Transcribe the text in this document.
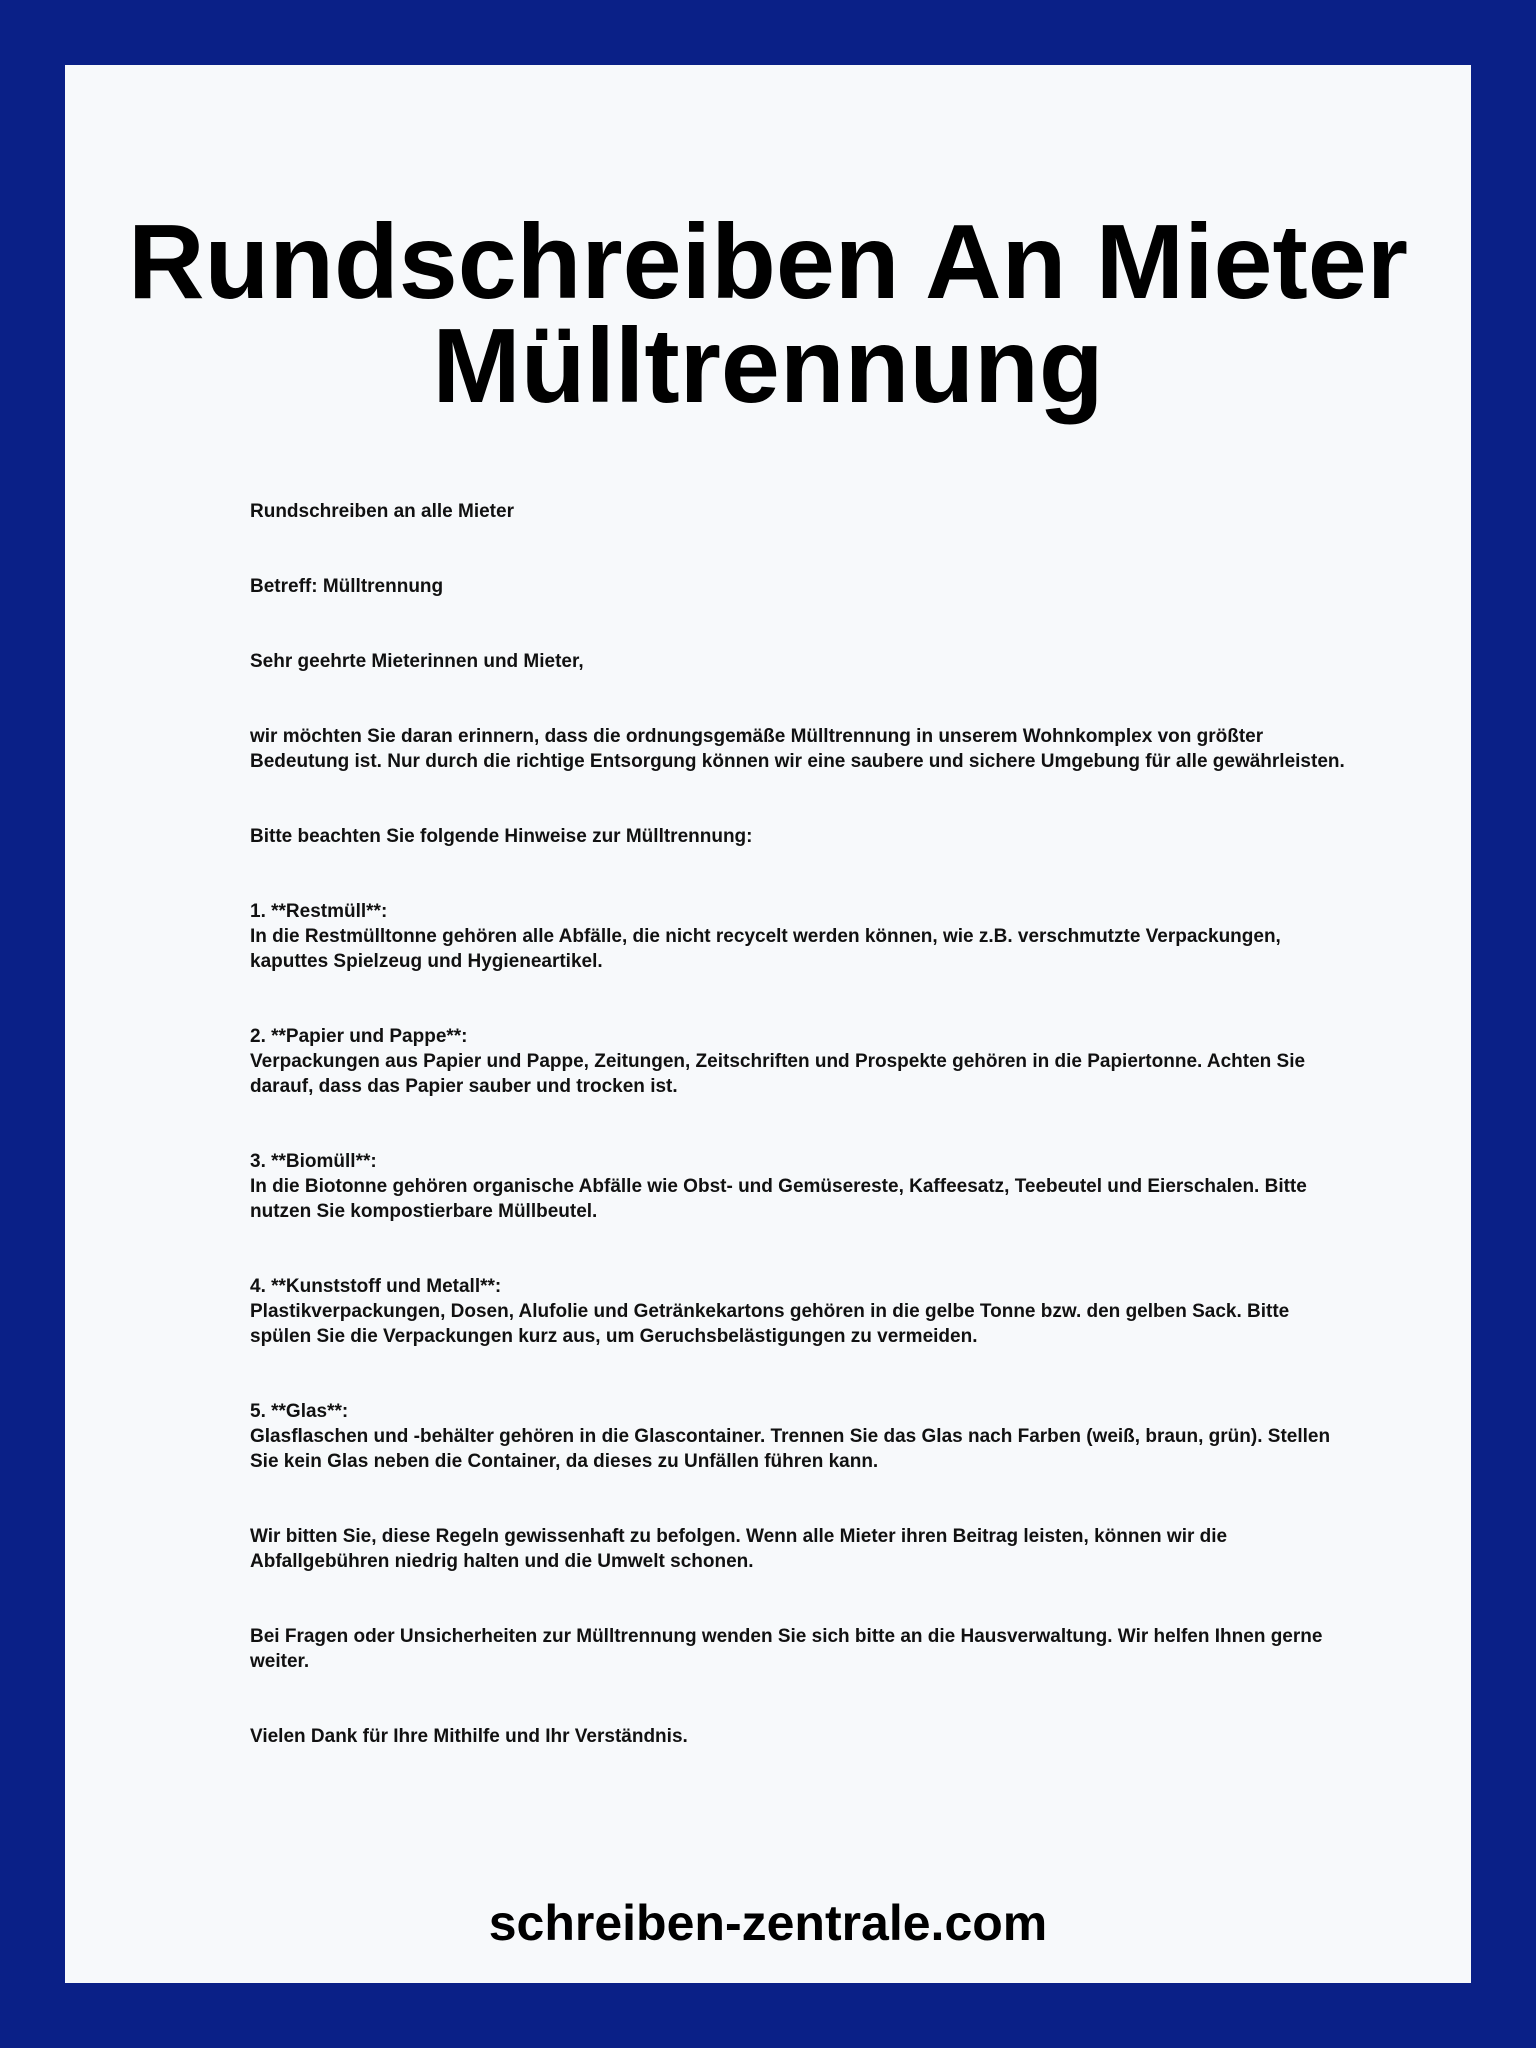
Rundschreiben An Mieter
Mülltrennung

Rundschreiben an alle Mieter

Betreff: Mülltrennung

Sehr geehrte Mieterinnen und Mieter,

wir möchten Sie daran erinnern, dass die ordnungsgemäße Mülltrennung in unserem Wohnkomplex von größter Bedeutung ist. Nur durch die richtige Entsorgung können wir eine saubere und sichere Umgebung für alle gewährleisten.

Bitte beachten Sie folgende Hinweise zur Mülltrennung:

1. **Restmüll**:
In die Restmülltonne gehören alle Abfälle, die nicht recycelt werden können, wie z.B. verschmutzte Verpackungen, kaputtes Spielzeug und Hygieneartikel.

2. **Papier und Pappe**:
Verpackungen aus Papier und Pappe, Zeitungen, Zeitschriften und Prospekte gehören in die Papiertonne. Achten Sie darauf, dass das Papier sauber und trocken ist.

3. **Biomüll**:
In die Biotonne gehören organische Abfälle wie Obst- und Gemüsereste, Kaffeesatz, Teebeutel und Eierschalen. Bitte nutzen Sie kompostierbare Müllbeutel.

4. **Kunststoff und Metall**:
Plastikverpackungen, Dosen, Alufolie und Getränkekartons gehören in die gelbe Tonne bzw. den gelben Sack. Bitte spülen Sie die Verpackungen kurz aus, um Geruchsbelästigungen zu vermeiden.

5. **Glas**:
Glasflaschen und -behälter gehören in die Glascontainer. Trennen Sie das Glas nach Farben (weiß, braun, grün). Stellen Sie kein Glas neben die Container, da dieses zu Unfällen führen kann.

Wir bitten Sie, diese Regeln gewissenhaft zu befolgen. Wenn alle Mieter ihren Beitrag leisten, können wir die Abfallgebühren niedrig halten und die Umwelt schonen.

Bei Fragen oder Unsicherheiten zur Mülltrennung wenden Sie sich bitte an die Hausverwaltung. Wir helfen Ihnen gerne weiter.

Vielen Dank für Ihre Mithilfe und Ihr Verständnis.

schreiben-zentrale.com
